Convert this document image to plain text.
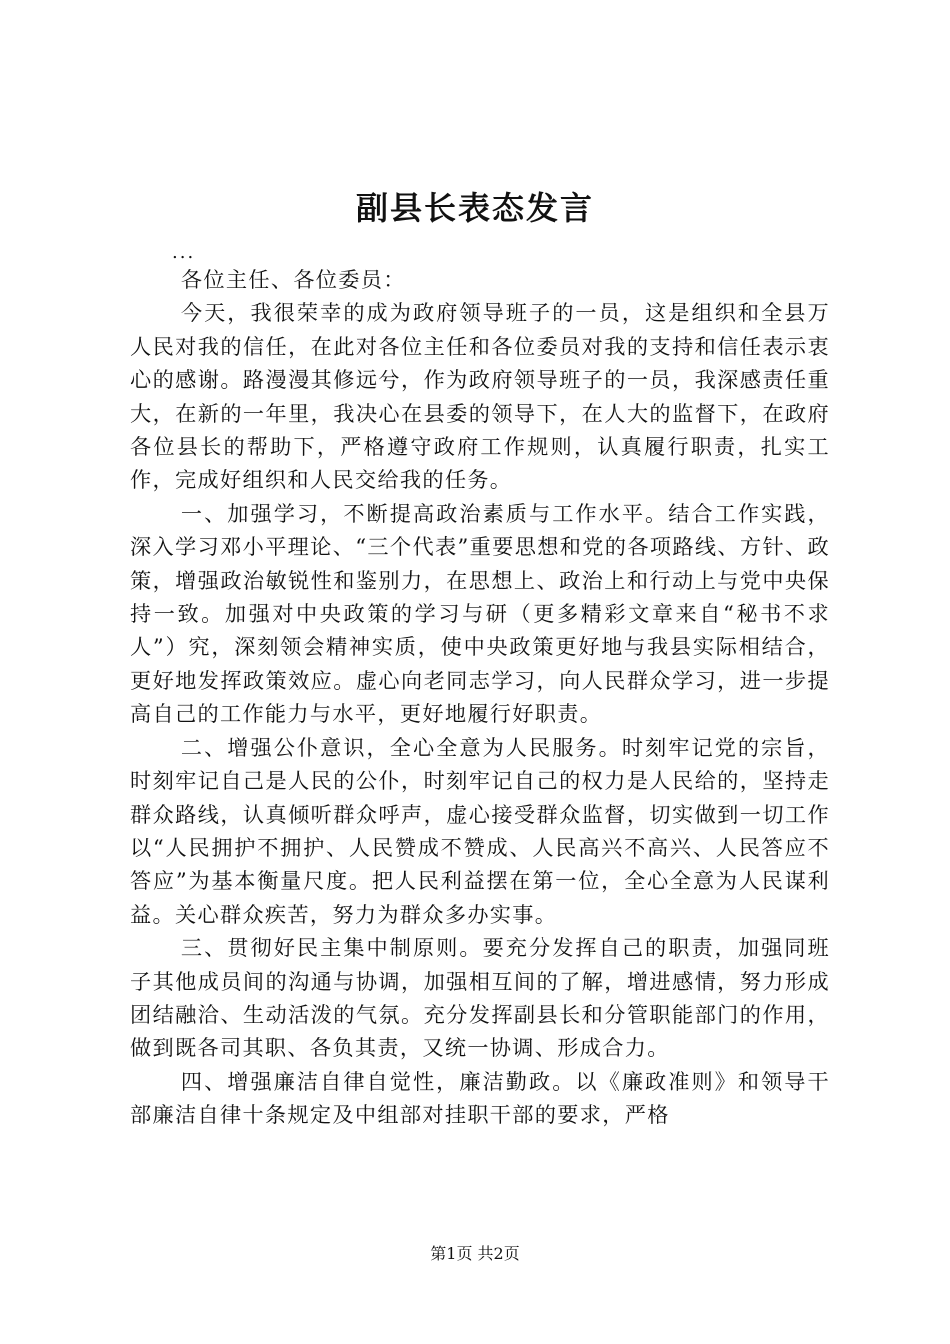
副县长表态发言
...

各位主任、各位委员：

今天，我很荣幸的成为政府领导班子的一员，这是组织和全县万人民对我的信任，在此对各位主任和各位委员对我的支持和信任表示衷心的感谢。路漫漫其修远兮，作为政府领导班子的一员，我深感责任重大，在新的一年里，我决心在县委的领导下，在人大的监督下，在政府各位县长的帮助下，严格遵守政府工作规则，认真履行职责，扎实工作，完成好组织和人民交给我的任务。

一、加强学习，不断提高政治素质与工作水平。结合工作实践，深入学习邓小平理论、“三个代表”重要思想和党的各项路线、方针、政策，增强政治敏锐性和鉴别力，在思想上、政治上和行动上与党中央保持一致。加强对中央政策的学习与研（更多精彩文章来自“秘书不求人”）究，深刻领会精神实质，使中央政策更好地与我县实际相结合，更好地发挥政策效应。虚心向老同志学习，向人民群众学习，进一步提高自己的工作能力与水平，更好地履行好职责。

二、增强公仆意识，全心全意为人民服务。时刻牢记党的宗旨，时刻牢记自己是人民的公仆，时刻牢记自己的权力是人民给的，坚持走群众路线，认真倾听群众呼声，虚心接受群众监督，切实做到一切工作以“人民拥护不拥护、人民赞成不赞成、人民高兴不高兴、人民答应不答应”为基本衡量尺度。把人民利益摆在第一位，全心全意为人民谋利益。关心群众疾苦，努力为群众多办实事。

三、贯彻好民主集中制原则。要充分发挥自己的职责，加强同班子其他成员间的沟通与协调，加强相互间的了解，增进感情，努力形成团结融洽、生动活泼的气氛。充分发挥副县长和分管职能部门的作用，做到既各司其职、各负其责，又统一协调、形成合力。

四、增强廉洁自律自觉性，廉洁勤政。以《廉政准则》和领导干部廉洁自律十条规定及中组部对挂职干部的要求，严格

第1页 共2页
